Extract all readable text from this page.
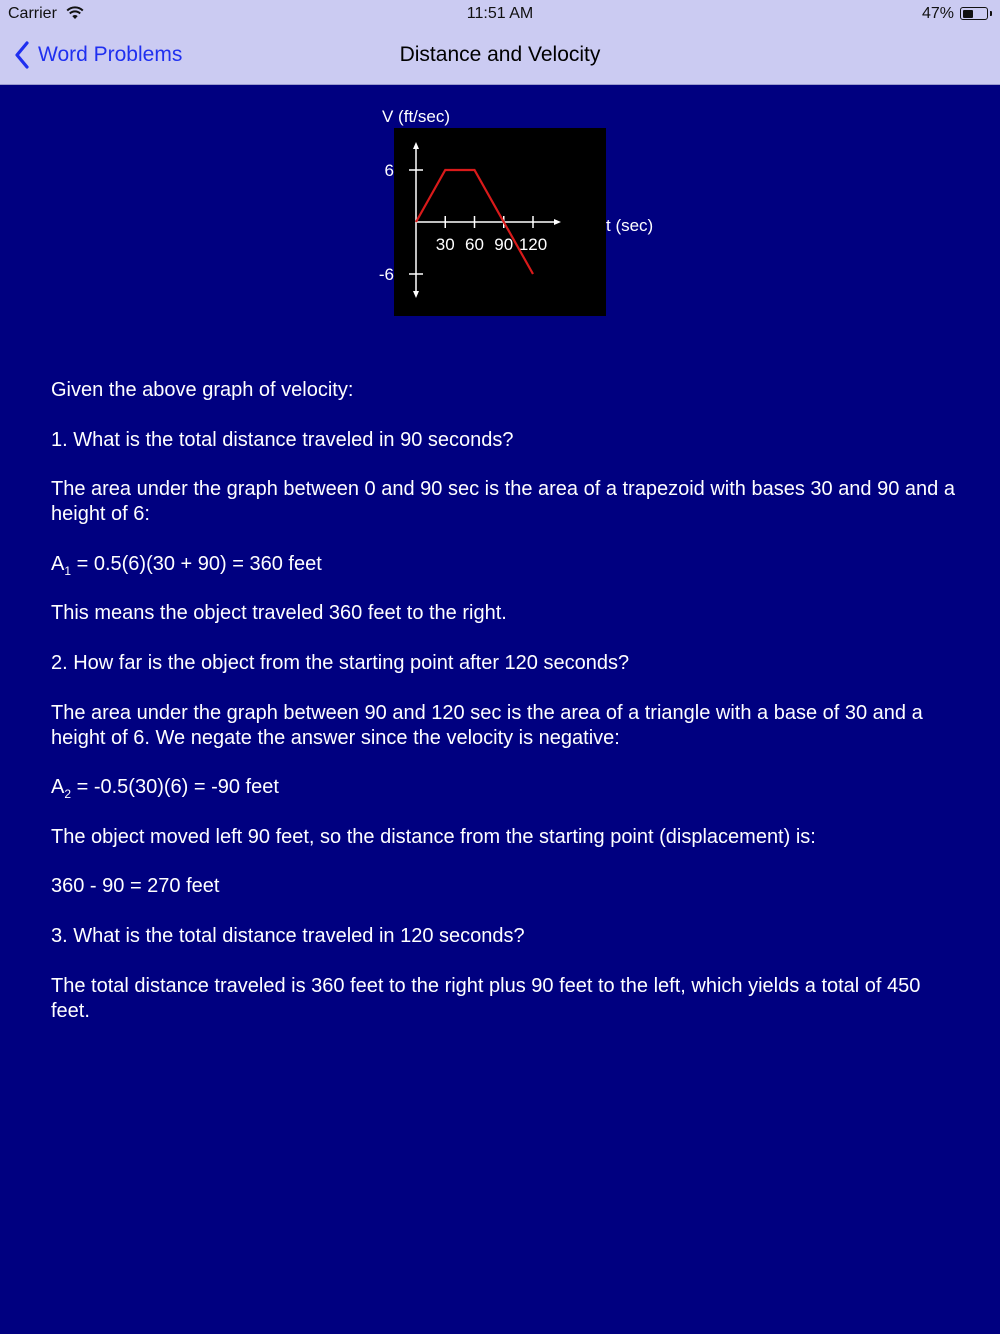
Carrier	11:51 AM	47%
Word Problems	Distance and Velocity
V (ft/sec)
t (sec)
30 60 90 120
6
-6

Given the above graph of velocity:

1. What is the total distance traveled in 90 seconds?

The area under the graph between 0 and 90 sec is the area of a trapezoid with bases 30 and 90 and a height of 6:

$A_1 = 0.5(6)(30 + 90) = 360$ feet

This means the object traveled 360 feet to the right.

2. How far is the object from the starting point after 120 seconds?

The area under the graph between 90 and 120 sec is the area of a triangle with a base of 30 and a height of 6. We negate the answer since the velocity is negative:

$A_2 = -0.5(30)(6) = -90$ feet

The object moved left 90 feet, so the distance from the starting point (displacement) is:

360 - 90 = 270 feet

3. What is the total distance traveled in 120 seconds?

The total distance traveled is 360 feet to the right plus 90 feet to the left, which yields a total of 450 feet.
